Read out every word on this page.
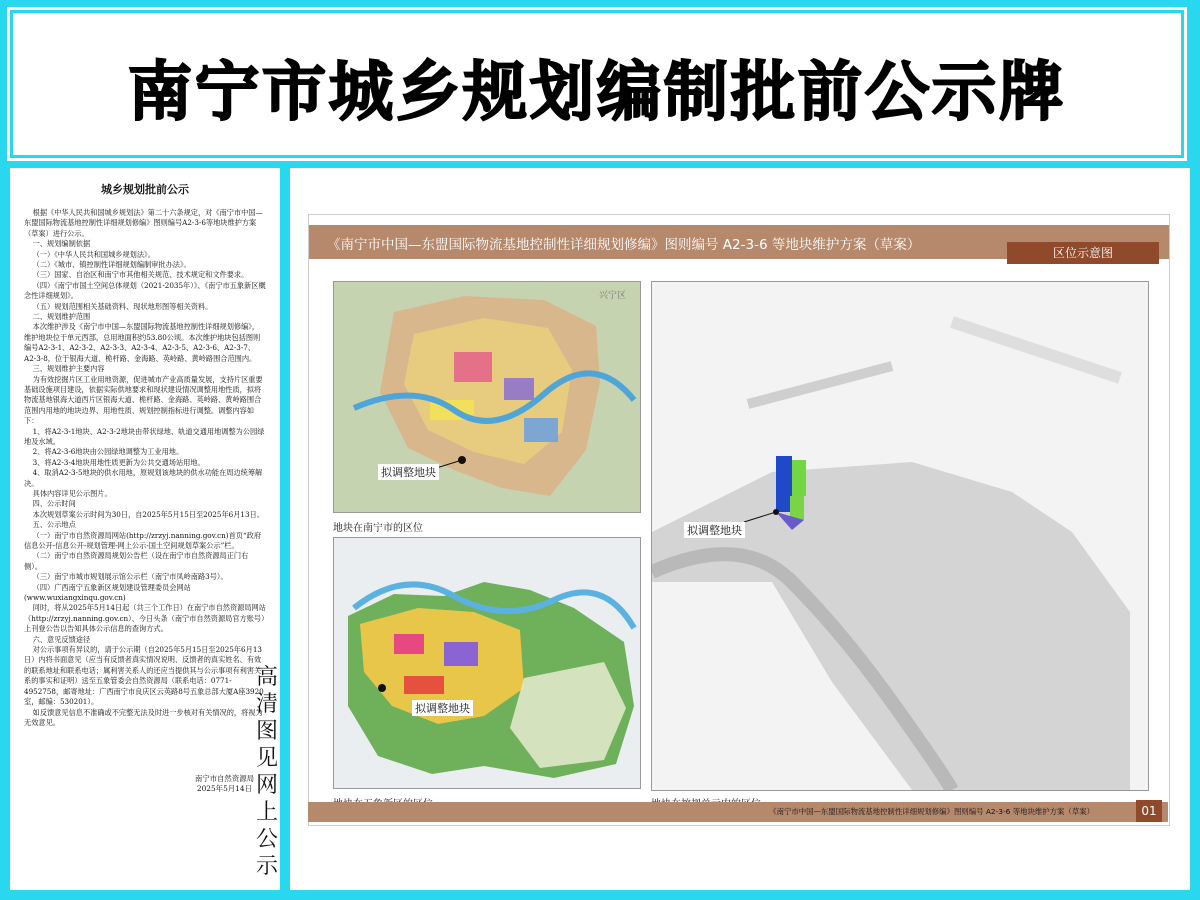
南宁市城乡规划编制批前公示牌
城乡规划批前公示

根据《中华人民共和国城乡规划法》第二十六条规定，对《南宁市中国—东盟国际物流基地控制性详细规划修编》图则编号A2-3-6等地块维护方案（草案）进行公示。

一、规划编制依据

（一）《中华人民共和国城乡规划法》。

（二）《城市、镇控制性详细规划编制审批办法》。

（三）国家、自治区和南宁市其他相关规范、技术规定和文件要求。

（四）《南宁市国土空间总体规划（2021-2035年）》、《南宁市五象新区概念性详细规划》。

（五）规划范围相关基础资料、现状地形图等相关资料。

二、规划维护范围

本次维护涉及《南宁市中国—东盟国际物流基地控制性详细规划修编》，维护地块位于单元西部，总用地面积约53.80公顷。本次维护地块包括图则编号A2-3-1、A2-3-2、A2-3-3、A2-3-4、A2-3-5、A2-3-6、A2-3-7、A2-3-8，位于银海大道、桅杆路、金海路、英岭路、黄岭路围合范围内。

三、规划维护主要内容

为有效挖掘片区工业用地资源，促进城市产业高质量发展，支持片区重要基础设施项目建设，依据实际供地要求和现状建设情况调整用地性质，拟将物流基地银海大道西片区银海大道、桅杆路、金海路、英岭路、黄岭路围合范围内用地的地块边界、用地性质、规划控制指标进行调整。调整内容如下：

1、将A2-3-1地块、A2-3-2地块由带状绿地、轨道交通用地调整为公园绿地及水域。

2、将A2-3-6地块由公园绿地调整为工业用地。

3、将A2-3-4地块用地性质更新为公共交通场站用地。

4、取消A2-3-5地块的供水用地，原规划该地块的供水功能在周边统筹解决。

具体内容详见公示图片。

四、公示时间

本次规划草案公示时间为30日，自2025年5月15日至2025年6月13日。

五、公示地点

（一）南宁市自然资源局网站(http://zrzyj.nanning.gov.cn)首页“政府信息公开-信息公开-规划管理-网上公示-国土空间规划草案公示”栏。

（二）南宁市自然资源局规划公告栏（设在南宁市自然资源局正门右侧）。

（三）南宁市城市规划展示馆公示栏（南宁市凤岭南路3号）。

（四）广西南宁五象新区规划建设管理委员会网站(www.wuxiangxinqu.gov.cn)

同时，将从2025年5月14日起（共三个工作日）在南宁市自然资源局网站（http://zrzyj.nanning.gov.cn）、今日头条（南宁市自然资源局官方账号）上刊登公告以告知具体公示信息的查询方式。

六、意见反馈途径

对公示事项有异议的，请于公示期（自2025年5月15日至2025年6月13日）内将书面意见（应当有反馈者真实情况说明、反馈者的真实姓名、有效的联系地址和联系电话；属利害关系人的还应当提供其与公示事项有利害关系的事实和证明）送至五象管委会自然资源局（联系电话：0771-4952758，邮寄地址：广西南宁市良庆区云英路8号五象总部大厦A座3920室，邮编：530201）。

如反馈意见信息不准确或不完整无法及时进一步核对有关情况的，将视为无效意见。

南宁市自然资源局
2025年5月14日
高清图见网上公示
《南宁市中国—东盟国际物流基地控制性详细规划修编》图则编号 A2-3-6 等地块维护方案（草案）	区位示意图
拟调整地块
兴宁区
地块在南宁市的区位
拟调整地块
拟调整地块
《南宁市中国—东盟国际物流基地控制性详细规划修编》图则编号 A2-3-6 等地块维护方案（草案）	01
